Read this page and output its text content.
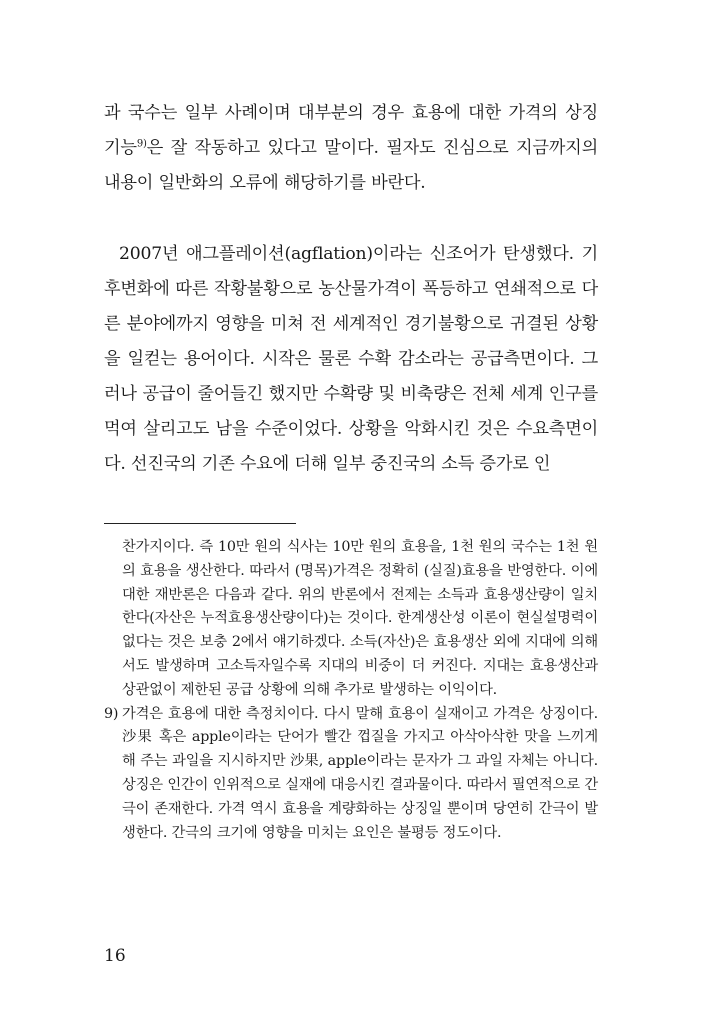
과 국수는 일부 사례이며 대부분의 경우 효용에 대한 가격의 상징 기능$^{9)}$은 잘 작동하고 있다고 말이다. 필자도 진심으로 지금까지의 내용이 일반화의 오류에 해당하기를 바란다.

2007년 애그플레이션(agflation)이라는 신조어가 탄생했다. 기후변화에 따른 작황불황으로 농산물가격이 폭등하고 연쇄적으로 다른 분야에까지 영향을 미쳐 전 세계적인 경기불황으로 귀결된 상황을 일컫는 용어이다. 시작은 물론 수확 감소라는 공급측면이다. 그러나 공급이 줄어들긴 했지만 수확량 및 비축량은 전체 세계 인구를 먹여 살리고도 남을 수준이었다. 상황을 악화시킨 것은 수요측면이다. 선진국의 기존 수요에 더해 일부 중진국의 소득 증가로 인

찬가지이다. 즉 10만 원의 식사는 10만 원의 효용을, 1천 원의 국수는 1천 원의 효용을 생산한다. 따라서 (명목)가격은 정확히 (실질)효용을 반영한다. 이에 대한 재반론은 다음과 같다. 위의 반론에서 전제는 소득과 효용생산량이 일치한다(자산은 누적효용생산량이다)는 것이다. 한계생산성 이론이 현실설명력이 없다는 것은 보충 2에서 얘기하겠다. 소득(자산)은 효용생산 외에 지대에 의해서도 발생하며 고소득자일수록 지대의 비중이 더 커진다. 지대는 효용생산과 상관없이 제한된 공급 상황에 의해 추가로 발생하는 이익이다.

9) 가격은 효용에 대한 측정치이다. 다시 말해 효용이 실재이고 가격은 상징이다. 沙果 혹은 apple이라는 단어가 빨간 껍질을 가지고 아삭아삭한 맛을 느끼게 해 주는 과일을 지시하지만 沙果, apple이라는 문자가 그 과일 자체는 아니다. 상징은 인간이 인위적으로 실재에 대응시킨 결과물이다. 따라서 필연적으로 간극이 존재한다. 가격 역시 효용을 계량화하는 상징일 뿐이며 당연히 간극이 발생한다. 간극의 크기에 영향을 미치는 요인은 불평등 정도이다.
16
